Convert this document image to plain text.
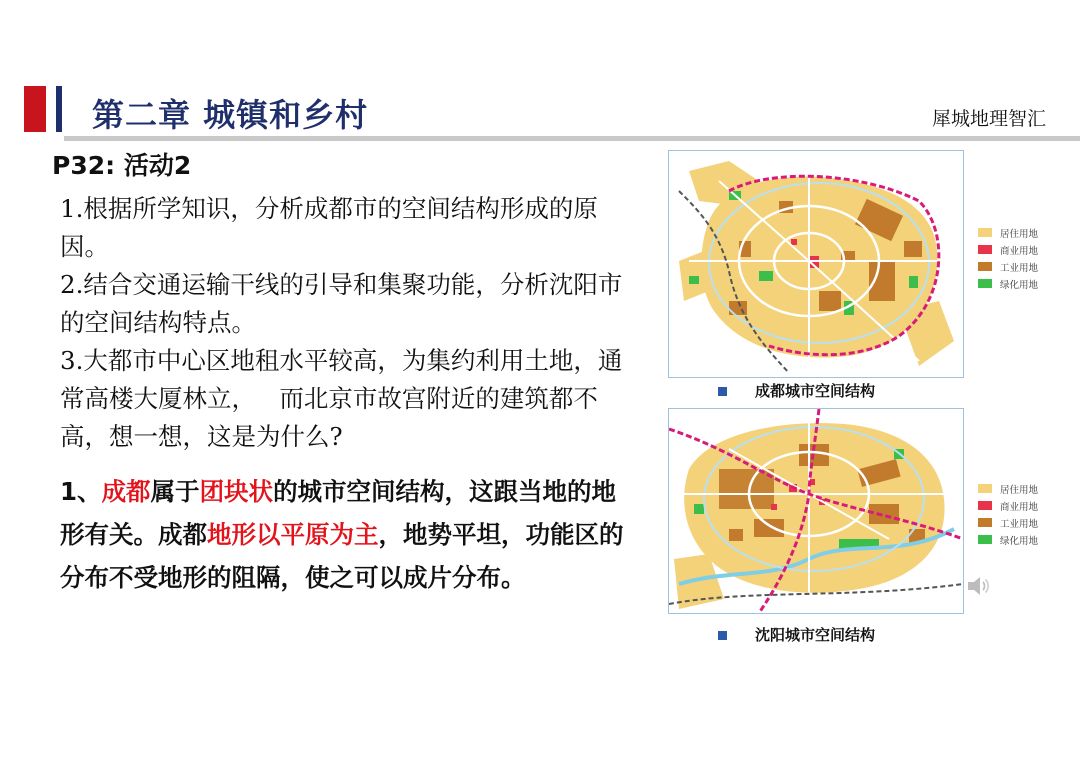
第二章 城镇和乡村	犀城地理智汇
P32: 活动2

1.根据所学知识，分析成都市的空间结构形成的原因。

2.结合交通运输干线的引导和集聚功能，分析沈阳市的空间结构特点。

3.大都市中心区地租水平较高，为集约利用土地，通常高楼大厦林立，   而北京市故宫附近的建筑都不高，想一想，这是为什么?

1、成都属于团块状的城市空间结构，这跟当地的地形有关。成都地形以平原为主，地势平坦，功能区的分布不受地形的阻隔，使之可以成片分布。
居住用地
商业用地
工业用地
绿化用地
成都城市空间结构
居住用地
商业用地
工业用地
绿化用地
沈阳城市空间结构
